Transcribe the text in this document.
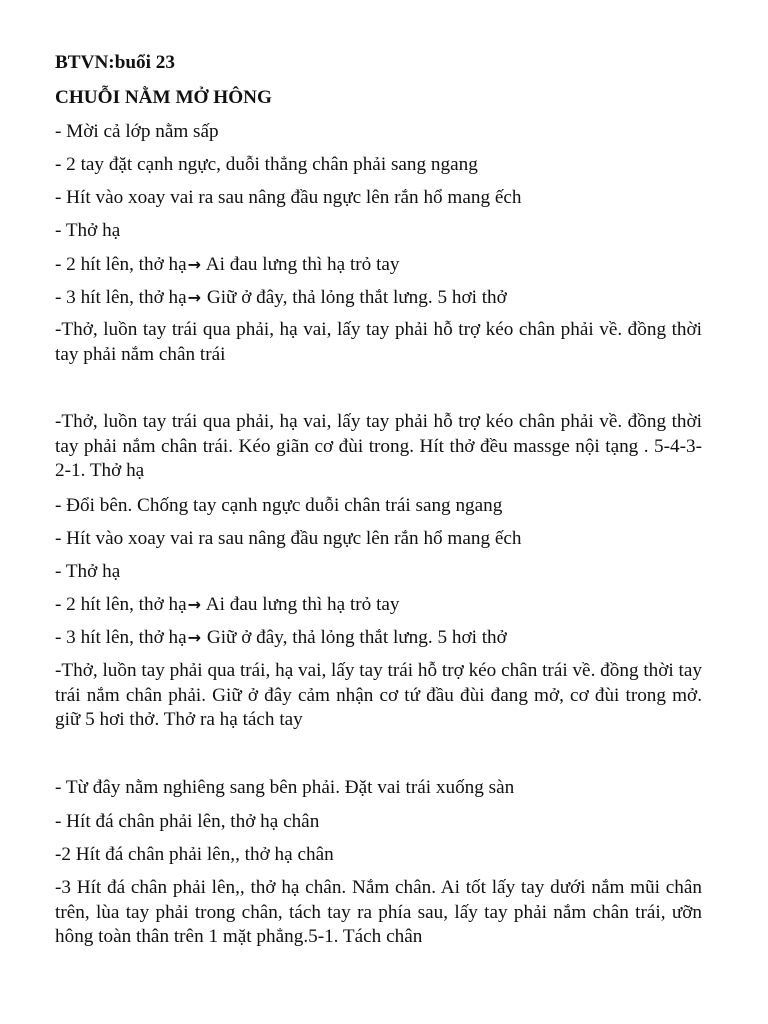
BTVN:buổi 23
CHUỖI NẰM MỞ HÔNG
- Mời cả lớp nằm sấp
- 2 tay đặt cạnh ngực, duỗi thẳng chân phải sang ngang
- Hít vào xoay vai ra sau nâng đầu ngực lên rắn hổ mang ếch
- Thở hạ
- 2 hít lên, thở hạ→ Ai đau lưng thì hạ trỏ tay
- 3 hít lên, thở hạ→ Giữ ở đây, thả lỏng thắt lưng. 5 hơi thở
-Thở, luồn tay trái qua phải, hạ vai, lấy tay phải hỗ trợ kéo chân phải về. đồng thời tay phải nắm chân trái
-Thở, luồn tay trái qua phải, hạ vai, lấy tay phải hỗ trợ kéo chân phải về. đồng thời tay phải nắm chân trái. Kéo giãn cơ đùi trong. Hít thở đều massge nội tạng . 5-4-3-2-1. Thở hạ
- Đổi bên. Chống tay cạnh ngực duỗi chân trái sang ngang
- Hít vào xoay vai ra sau nâng đầu ngực lên rắn hổ mang ếch
- Thở hạ
- 2 hít lên, thở hạ→ Ai đau lưng thì hạ trỏ tay
- 3 hít lên, thở hạ→ Giữ ở đây, thả lỏng thắt lưng. 5 hơi thở
-Thở, luồn tay phải qua trái, hạ vai, lấy tay trái hỗ trợ kéo chân trái về. đồng thời tay trái nắm chân phải. Giữ ở đây cảm nhận cơ tứ đầu đùi đang mở, cơ đùi trong mở. giữ 5 hơi thở. Thở ra hạ tách tay
- Từ đây nằm nghiêng sang bên phải. Đặt vai trái xuống sàn
- Hít đá chân phải lên, thở hạ chân
-2 Hít đá chân phải lên,, thở hạ chân
-3 Hít đá chân phải lên,, thở hạ chân. Nắm chân. Ai tốt lấy tay dưới nắm mũi chân trên, lùa tay phải trong chân, tách tay ra phía sau, lấy tay phải nắm chân trái, ưỡn hông toàn thân trên 1 mặt phẳng.5-1. Tách chân
